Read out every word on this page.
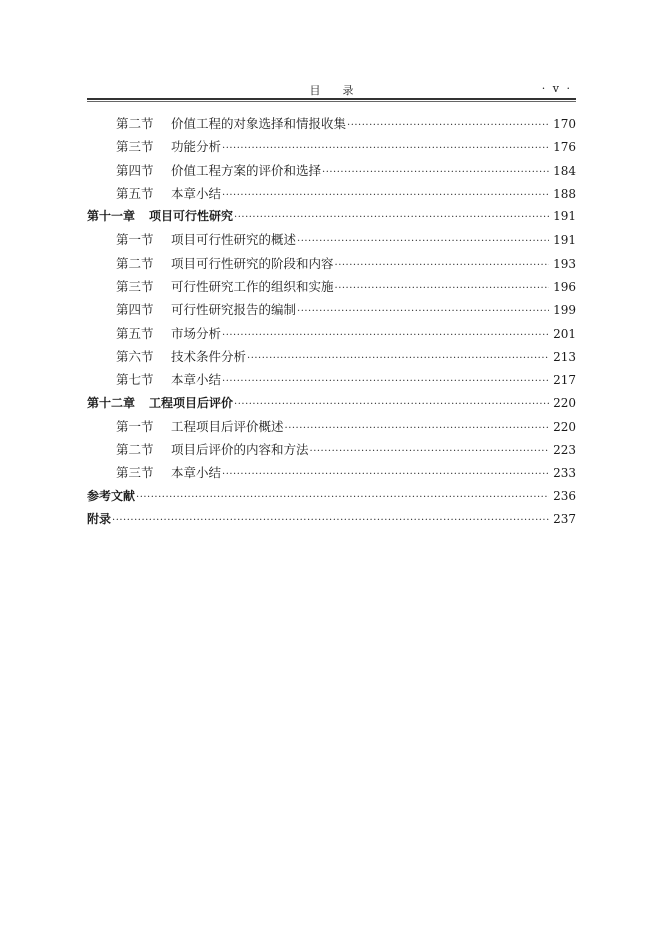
目录	· v ·
第二节	价值工程的对象选择和情报收集 ·····	170
第三节	功能分析 ·····	176
第四节	价值工程方案的评价和选择 ·····	184
第五节	本章小结 ·····	188
第十一章 项目可行性研究 ·····	191
第一节	项目可行性研究的概述 ·····	191
第二节	项目可行性研究的阶段和内容 ·····	193
第三节	可行性研究工作的组织和实施 ·····	196
第四节	可行性研究报告的编制 ·····	199
第五节	市场分析 ·····	201
第六节	技术条件分析 ·····	213
第七节	本章小结 ·····	217
第十二章 工程项目后评价 ·····	220
第一节	工程项目后评价概述 ·····	220
第二节	项目后评价的内容和方法 ·····	223
第三节	本章小结 ·····	233
参考文献 ·····	236
附录 ·····	237
